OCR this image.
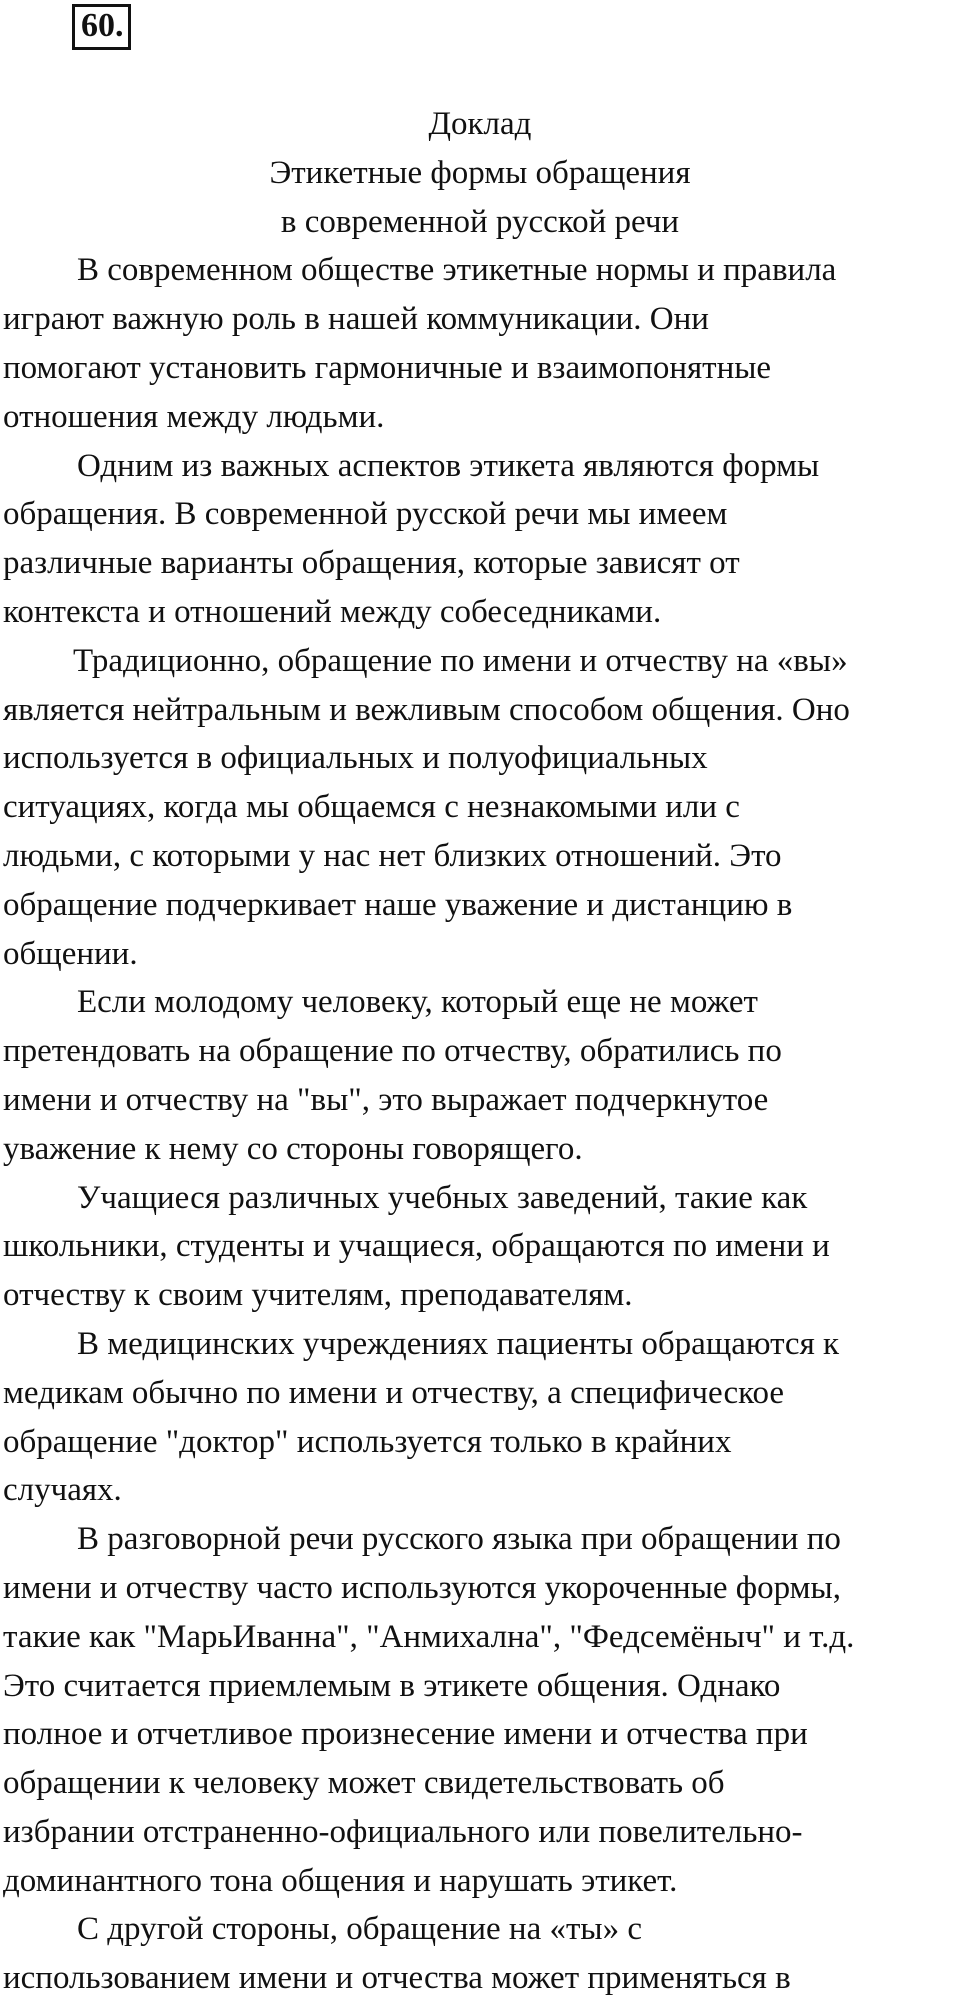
60.

Доклад

Этикетные формы обращения

в современной русской речи

В современном обществе этикетные нормы и правила

играют важную роль в нашей коммуникации. Они

помогают установить гармоничные и взаимопонятные

отношения между людьми.

Одним из важных аспектов этикета являются формы

обращения. В современной русской речи мы имеем

различные варианты обращения, которые зависят от

контекста и отношений между собеседниками.

Традиционно, обращение по имени и отчеству на «вы»

является нейтральным и вежливым способом общения. Оно

используется в официальных и полуофициальных

ситуациях, когда мы общаемся с незнакомыми или с

людьми, с которыми у нас нет близких отношений. Это

обращение подчеркивает наше уважение и дистанцию в

общении.

Если молодому человеку, который еще не может

претендовать на обращение по отчеству, обратились по

имени и отчеству на "вы", это выражает подчеркнутое

уважение к нему со стороны говорящего.

Учащиеся различных учебных заведений, такие как

школьники, студенты и учащиеся, обращаются по имени и

отчеству к своим учителям, преподавателям.

В медицинских учреждениях пациенты обращаются к

медикам обычно по имени и отчеству, а специфическое

обращение "доктор" используется только в крайних

случаях.

В разговорной речи русского языка при обращении по

имени и отчеству часто используются укороченные формы,

такие как "МарьИванна", "Анмихална", "Федсемёныч" и т.д.

Это считается приемлемым в этикете общения. Однако

полное и отчетливое произнесение имени и отчества при

обращении к человеку может свидетельствовать об

избрании отстраненно-официального или повелительно-

доминантного тона общения и нарушать этикет.

С другой стороны, обращение на «ты» с

использованием имени и отчества может применяться в
